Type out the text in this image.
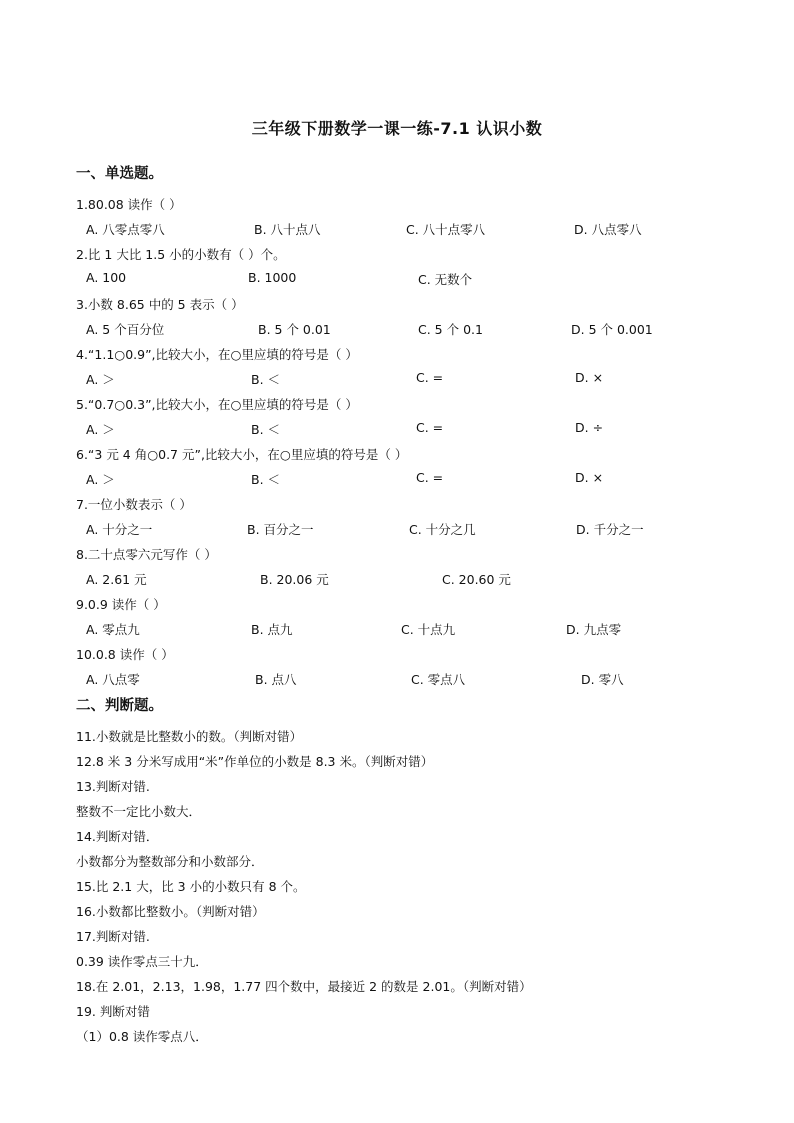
三年级下册数学一课一练-7.1 认识小数
一、单选题。
1.80.08 读作（ ）
A. 八零点零八	B. 八十点八	C. 八十点零八	D. 八点零八
2.比 1 大比 1.5 小的小数有（ ）个。
A. 100	B. 1000	C. 无数个
3.小数 8.65 中的 5 表示（ ）
A. 5 个百分位	B. 5 个 0.01	C. 5 个 0.1	D. 5 个 0.001
4.“1.1○0.9”,比较大小，在○里应填的符号是（ ）
A. ＞	B. ＜	C. =	D. ×
5.“0.7○0.3”,比较大小，在○里应填的符号是（ ）
A. ＞	B. ＜	C. =	D. ÷
6.“3 元 4 角○0.7 元”,比较大小，在○里应填的符号是（ ）
A. ＞	B. ＜	C. =	D. ×
7.一位小数表示（ ）
A. 十分之一	B. 百分之一	C. 十分之几	D. 千分之一
8.二十点零六元写作（ ）
A. 2.61 元	B. 20.06 元	C. 20.60 元
9.0.9 读作（ ）
A. 零点九	B. 点九	C. 十点九	D. 九点零
10.0.8 读作（ ）
A. 八点零	B. 点八	C. 零点八	D. 零八
二、判断题。
11.小数就是比整数小的数。（判断对错）
12.8 米 3 分米写成用“米”作单位的小数是 8.3 米。（判断对错）
13.判断对错.
整数不一定比小数大．
14.判断对错．
小数都分为整数部分和小数部分．
15.比 2.1 大，比 3 小的小数只有 8 个。
16.小数都比整数小。（判断对错）
17.判断对错.
0.39 读作零点三十九．
18.在 2.01，2.13，1.98，1.77 四个数中，最接近 2 的数是 2.01。（判断对错）
19. 判断对错
（1）0.8 读作零点八．
